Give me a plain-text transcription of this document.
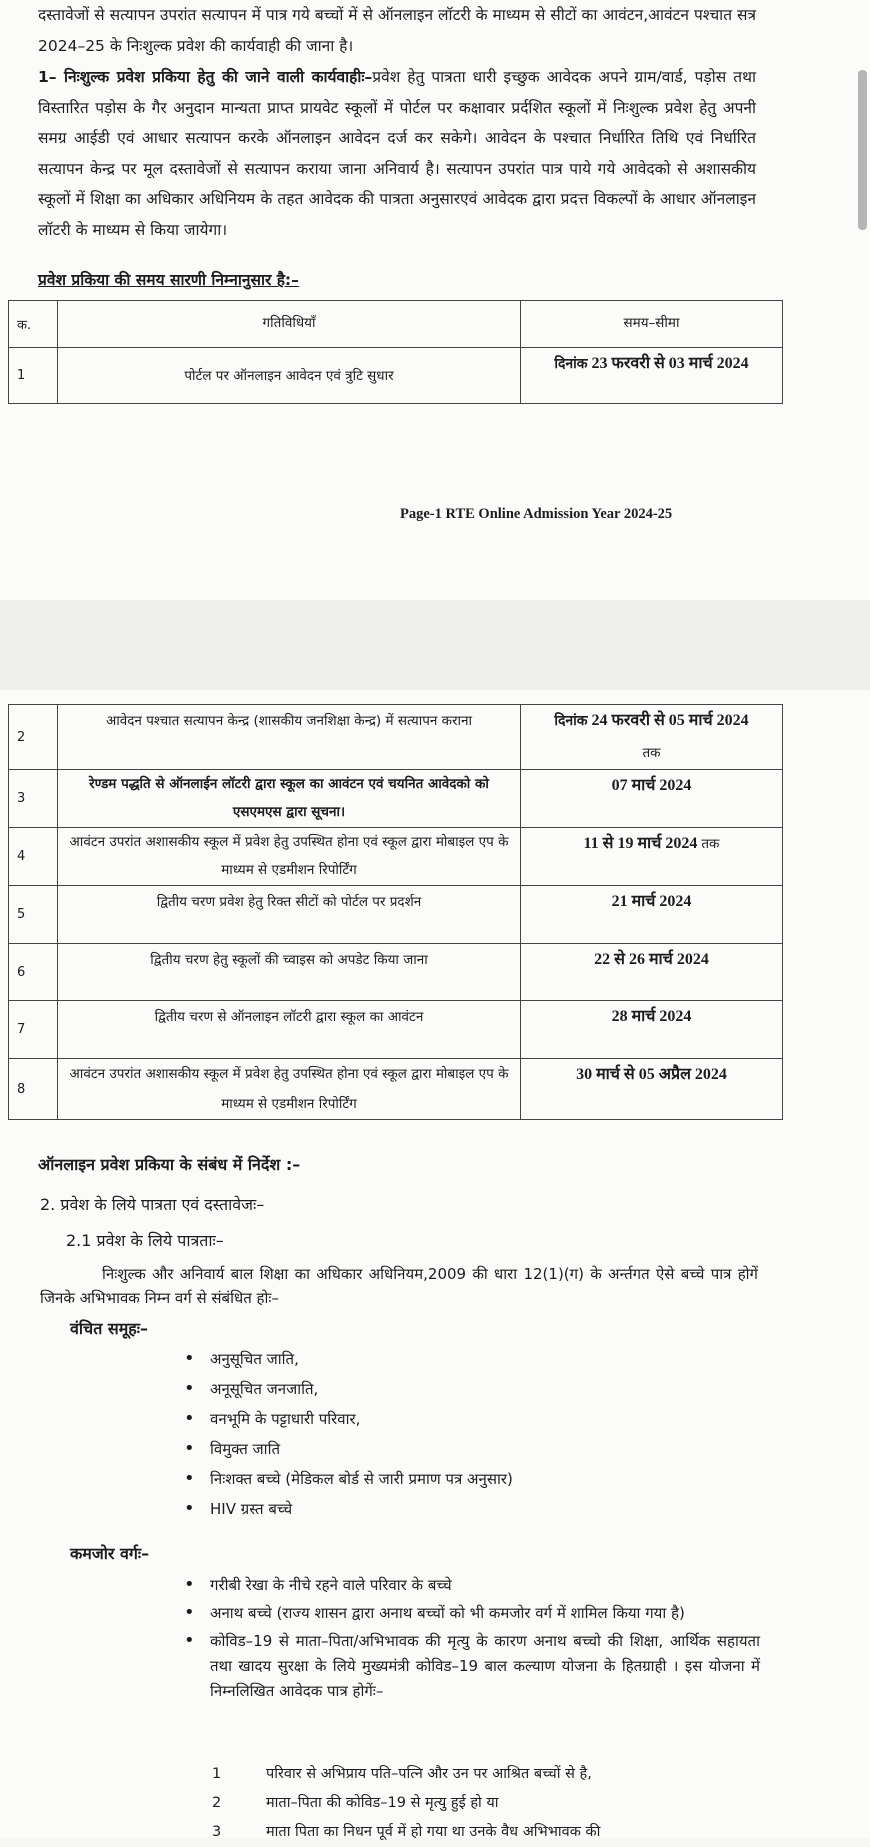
दस्तावेजों से सत्यापन उपरांत सत्यापन में पात्र गये बच्चों में से ऑनलाइन लॉटरी के माध्यम से सीटों का आवंटन,आवंटन पश्चात सत्र 2024–25 के निःशुल्क प्रवेश की कार्यवाही की जाना है।
1– निःशुल्क प्रवेश प्रकिया हेतु की जाने वाली कार्यवाहीः–प्रवेश हेतु पात्रता धारी इच्छुक आवेदक अपने ग्राम/वार्ड, पड़ोस तथा विस्तारित पड़ोस के गैर अनुदान मान्यता प्राप्त प्रायवेट स्कूलों में पोर्टल पर कक्षावार प्रर्दशित स्कूलों में निःशुल्क प्रवेश हेतु अपनी समग्र आईडी एवं आधार सत्यापन करके ऑनलाइन आवेदन दर्ज कर सकेगे। आवेदन के पश्चात निर्धारित तिथि एवं निर्धारित सत्यापन केन्द्र पर मूल दस्तावेजों से सत्यापन कराया जाना अनिवार्य है। सत्यापन उपरांत पात्र पाये गये आवेदको से अशासकीय स्कूलों में शिक्षा का अधिकार अधिनियम के तहत आवेदक की पात्रता अनुसारएवं आवेदक द्वारा प्रदत्त विकल्पों के आधार ऑनलाइन लॉटरी के माध्यम से किया जायेगा।
प्रवेश प्रकिया की समय सारणी निम्नानुसार है:–
क.	गतिविधियॉं	समय–सीमा
1	पोर्टल पर ऑनलाइन आवेदन एवं त्रुटि सुधार	दिनांक 23 फरवरी से 03 मार्च 2024
Page-1 RTE Online Admission Year 2024-25
2	आवेदन पश्चात सत्यापन केन्द्र (शासकीय जनशिक्षा केन्द्र) में सत्यापन कराना	दिनांक 24 फरवरी से 05 मार्च 2024
तक
3	रेण्डम पद्धति से ऑनलाईन लॉटरी द्वारा स्कूल का आवंटन एवं चयनित आवेदको को एसएमएस द्वारा सूचना।	07 मार्च 2024
4	आवंटन उपरांत अशासकीय स्कूल में प्रवेश हेतु उपस्थित होना एवं स्कूल द्वारा मोबाइल एप के माध्यम से एडमीशन रिपोर्टिंग	11 से 19 मार्च 2024 तक
5	द्वितीय चरण प्रवेश हेतु रिक्त सीटों को पोर्टल पर प्रदर्शन	21 मार्च 2024
6	द्वितीय चरण हेतु स्कूलों की च्वाइस को अपडेट किया जाना	22 से 26 मार्च 2024
7	द्वितीय चरण से ऑनलाइन लॉटरी द्वारा स्कूल का आवंटन	28 मार्च 2024
8	आवंटन उपरांत अशासकीय स्कूल में प्रवेश हेतु उपस्थित होना एवं स्कूल द्वारा मोबाइल एप के माध्यम से एडमीशन रिपोर्टिंग	30 मार्च से 05 अप्रैल 2024
ऑनलाइन प्रवेश प्रकिया के संबंध में निर्देश :–
2. प्रवेश के लिये पात्रता एवं दस्तावेजः–
2.1 प्रवेश के लिये पात्रताः–
निःशुल्क और अनिवार्य बाल शिक्षा का अधिकार अधिनियम,2009 की धारा 12(1)(ग) के अर्न्तगत ऐसे बच्चे पात्र होगें जिनके अभिभावक निम्न वर्ग से संबंधित होः–
वंचित समूहः–
• अनुसूचित जाति,
• अनूसूचित जनजाति,
• वनभूमि के पट्टाधारी परिवार,
• विमुक्त जाति
• निःशक्त बच्चे (मेडिकल बोर्ड से जारी प्रमाण पत्र अनुसार)
• HIV ग्रस्त बच्चे
कमजोर वर्गः–
• गरीबी रेखा के नीचे रहने वाले परिवार के बच्चे
• अनाथ बच्चे (राज्य शासन द्वारा अनाथ बच्चों को भी कमजोर वर्ग में शामिल किया गया है)
• कोविड–19 से माता–पिता/अभिभावक की मृत्यु के कारण अनाथ बच्चो की शिक्षा, आर्थिक सहायता तथा खादय सुरक्षा के लिये मुख्यमंत्री कोविड–19 बाल कल्याण योजना के हितग्राही । इस योजना में निम्नलिखित आवेदक पात्र होगेंः–
1	परिवार से अभिप्राय पति–पत्नि और उन पर आश्रित बच्चों से है,
2	माता–पिता की कोविड–19 से मृत्यु हुई हो या
3	माता पिता का निधन पूर्व में हो गया था उनके वैध अभिभावक की
